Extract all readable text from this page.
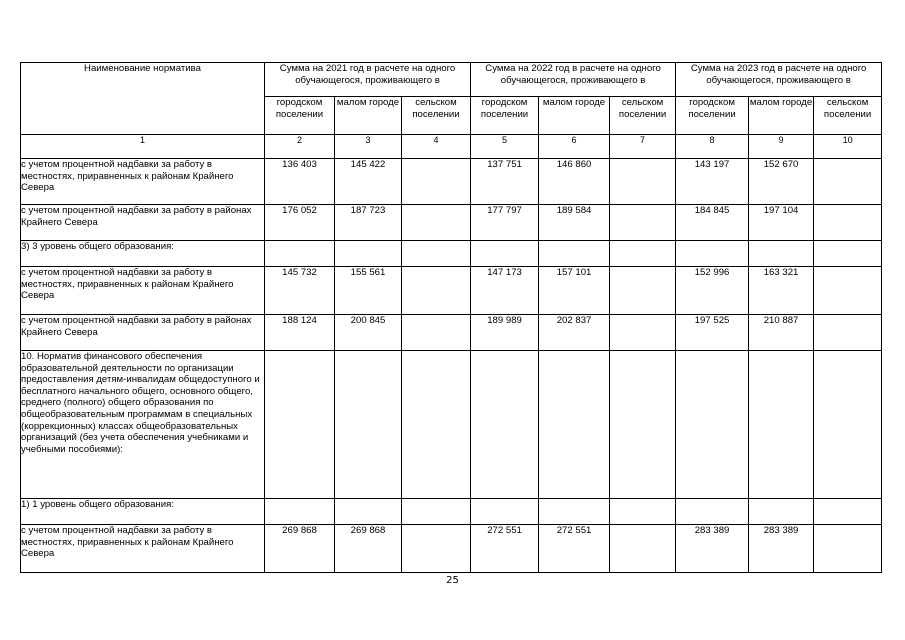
Наименование норматива	Сумма на 2021 год в расчете на одного обучающегося, проживающего в			Сумма на 2022 год в расчете на одного обучающегося, проживающего в			Сумма на 2023 год в расчете на одного обучающегося, проживающего в		
	городском поселении	малом городе	сельском поселении	городском поселении	малом городе	сельском поселении	городском поселении	малом городе	сельском поселении
1	2	3	4	5	6	7	8	9	10
с учетом процентной надбавки за работу в местностях, приравненных к районам Крайнего Севера	136 403	145 422		137 751	146 860		143 197	152 670	
с учетом процентной надбавки за работу в районах Крайнего Севера	176 052	187 723		177 797	189 584		184 845	197 104	
3) 3 уровень общего образования:									
с учетом процентной надбавки за работу в местностях, приравненных к районам Крайнего Севера	145 732	155 561		147 173	157 101		152 996	163 321	
с учетом процентной надбавки за работу в районах Крайнего Севера	188 124	200 845		189 989	202 837		197 525	210 887	
10. Норматив финансового обеспечения образовательной деятельности по организации предоставления детям-инвалидам общедоступного и бесплатного начального общего, основного общего, среднего (полного) общего образования по общеобразовательным программам в специальных (коррекционных) классах общеобразовательных организаций (без учета обеспечения учебниками и учебными пособиями):									
1) 1 уровень общего образования:									
с учетом процентной надбавки за работу в местностях, приравненных к районам Крайнего Севера	269 868	269 868		272 551	272 551		283 389	283 389	
25
